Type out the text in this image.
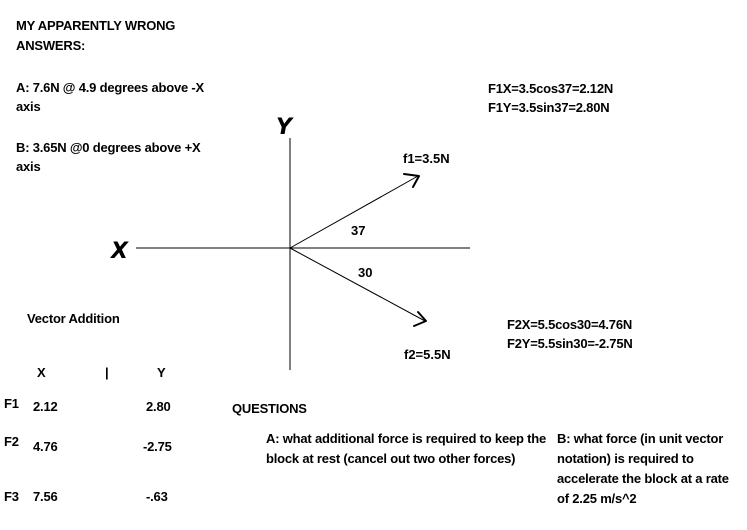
Y
X
f1=3.5N
f2=5.5N
37
30
MY APPARENTLY WRONG
ANSWERS:
A: 7.6N @ 4.9 degrees above -X
axis
B: 3.65N @0 degrees above +X
axis
F1X=3.5cos37=2.12N
F1Y=3.5sin37=2.80N
F2X=5.5cos30=4.76N
F2Y=5.5sin30=-2.75N
Vector Addition
X	|	Y
F1 2.12	2.80
F2 4.76	-2.75
F3 7.56	-.63
QUESTIONS
A: what additional force is required to keep the block at rest (cancel out two other forces)
B: what force (in unit vector notation) is required to accelerate the block at a rate of 2.25 m/s^2
